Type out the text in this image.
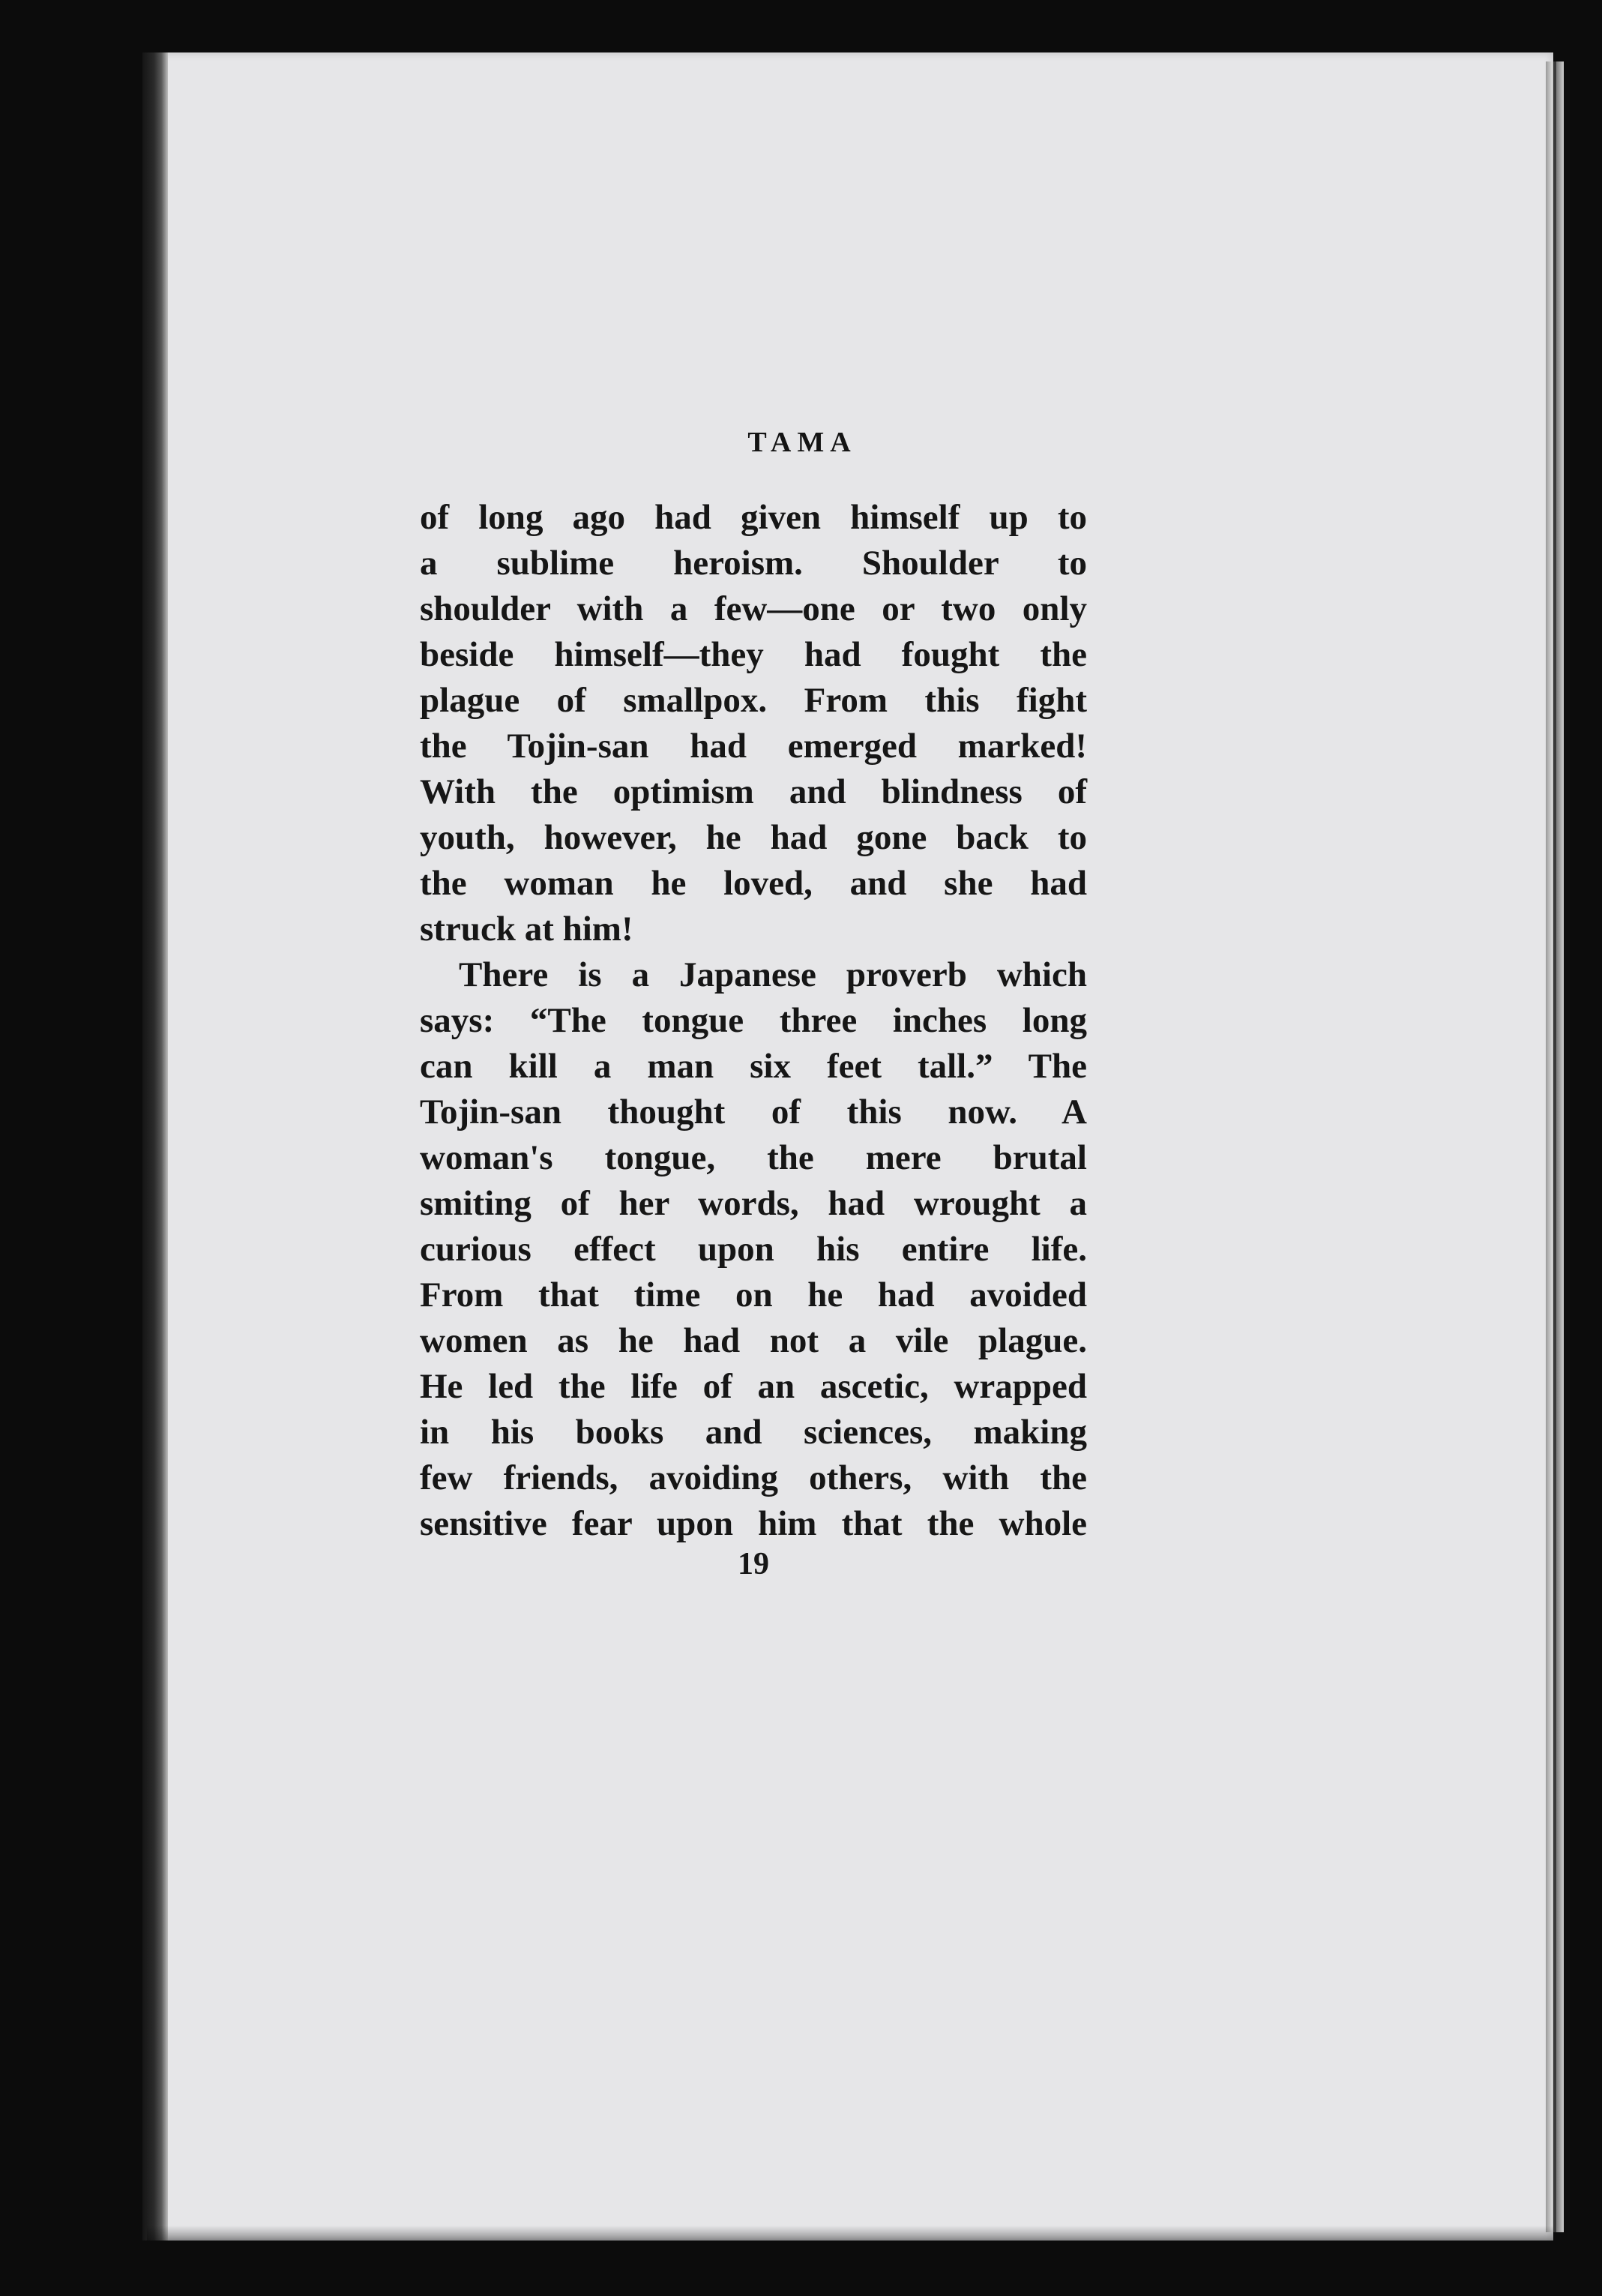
TAMA
of long ago had given himself up to
a sublime heroism. Shoulder to
shoulder with a few—one or two only
beside himself—they had fought the
plague of smallpox. From this fight
the Tojin-san had emerged marked!
With the optimism and blindness of
youth, however, he had gone back to
the woman he loved, and she had
struck at him!
There is a Japanese proverb which
says: “The tongue three inches long
can kill a man six feet tall.” The
Tojin-san thought of this now. A
woman's tongue, the mere brutal
smiting of her words, had wrought a
curious effect upon his entire life.
From that time on he had avoided
women as he had not a vile plague.
He led the life of an ascetic, wrapped
in his books and sciences, making
few friends, avoiding others, with the
sensitive fear upon him that the whole
19
